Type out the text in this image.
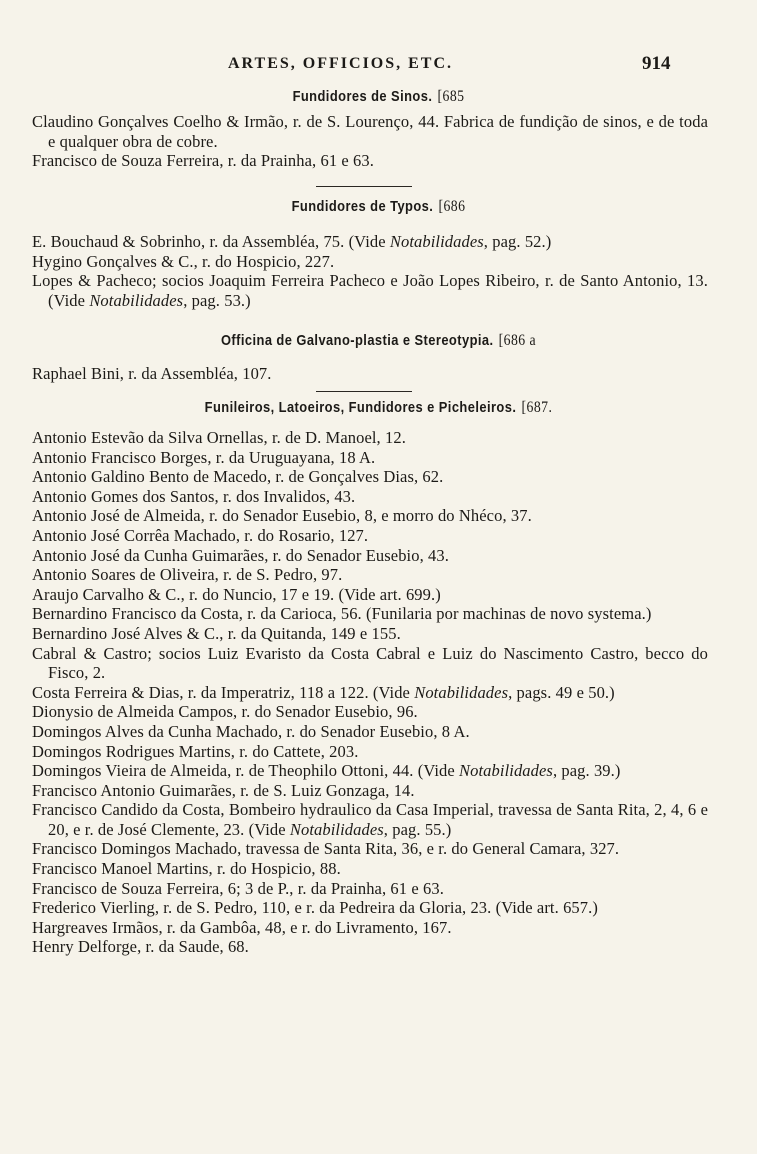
ARTES, OFFICIOS, ETC.	914
Fundidores de Sinos. [685
Claudino Gonçalves Coelho & Irmão, r. de S. Lourenço, 44. Fabrica de fundição de sinos, e de toda e qualquer obra de cobre.
Francisco de Souza Ferreira, r. da Prainha, 61 e 63.
Fundidores de Typos. [686
E. Bouchaud & Sobrinho, r. da Assembléa, 75. (Vide Notabilidades, pag. 52.)
Hygino Gonçalves & C., r. do Hospicio, 227.
Lopes & Pacheco; socios Joaquim Ferreira Pacheco e João Lopes Ribeiro, r. de Santo Antonio, 13. (Vide Notabilidades, pag. 53.)
Officina de Galvano-plastia e Stereotypia. [686 a
Raphael Bini, r. da Assembléa, 107.
Funileiros, Latoeiros, Fundidores e Picheleiros. [687.
Antonio Estevão da Silva Ornellas, r. de D. Manoel, 12.
Antonio Francisco Borges, r. da Uruguayana, 18 A.
Antonio Galdino Bento de Macedo, r. de Gonçalves Dias, 62.
Antonio Gomes dos Santos, r. dos Invalidos, 43.
Antonio José de Almeida, r. do Senador Eusebio, 8, e morro do Nhéco, 37.
Antonio José Corrêa Machado, r. do Rosario, 127.
Antonio José da Cunha Guimarães, r. do Senador Eusebio, 43.
Antonio Soares de Oliveira, r. de S. Pedro, 97.
Araujo Carvalho & C., r. do Nuncio, 17 e 19. (Vide art. 699.)
Bernardino Francisco da Costa, r. da Carioca, 56. (Funilaria por machinas de novo systema.)
Bernardino José Alves & C., r. da Quitanda, 149 e 155.
Cabral & Castro; socios Luiz Evaristo da Costa Cabral e Luiz do Nascimento Castro, becco do Fisco, 2.
Costa Ferreira & Dias, r. da Imperatriz, 118 a 122. (Vide Notabilidades, pags. 49 e 50.)
Dionysio de Almeida Campos, r. do Senador Eusebio, 96.
Domingos Alves da Cunha Machado, r. do Senador Eusebio, 8 A.
Domingos Rodrigues Martins, r. do Cattete, 203.
Domingos Vieira de Almeida, r. de Theophilo Ottoni, 44. (Vide Notabilidades, pag. 39.)
Francisco Antonio Guimarães, r. de S. Luiz Gonzaga, 14.
Francisco Candido da Costa, Bombeiro hydraulico da Casa Imperial, travessa de Santa Rita, 2, 4, 6 e 20, e r. de José Clemente, 23. (Vide Notabilidades, pag. 55.)
Francisco Domingos Machado, travessa de Santa Rita, 36, e r. do General Camara, 327.
Francisco Manoel Martins, r. do Hospicio, 88.
Francisco de Souza Ferreira, 6; 3 de P., r. da Prainha, 61 e 63.
Frederico Vierling, r. de S. Pedro, 110, e r. da Pedreira da Gloria, 23. (Vide art. 657.)
Hargreaves Irmãos, r. da Gambôa, 48, e r. do Livramento, 167.
Henry Delforge, r. da Saude, 68.
